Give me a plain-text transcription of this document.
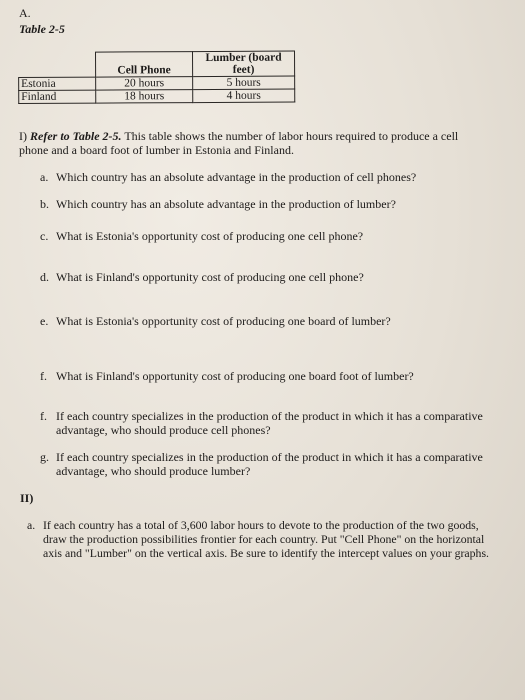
A.
Table 2-5
	Cell Phone	Lumber (board feet)
Estonia	20 hours	5 hours
Finland	18 hours	4 hours
I) Refer to Table 2-5. This table shows the number of labor hours required to produce a cell
phone and a board foot of lumber in Estonia and Finland.
a. Which country has an absolute advantage in the production of cell phones?
b. Which country has an absolute advantage in the production of lumber?
c. What is Estonia's opportunity cost of producing one cell phone?
d. What is Finland's opportunity cost of producing one cell phone?
e. What is Estonia's opportunity cost of producing one board of lumber?
f. What is Finland's opportunity cost of producing one board foot of lumber?
f. If each country specializes in the production of the product in which it has a comparative
advantage, who should produce cell phones?
g. If each country specializes in the production of the product in which it has a comparative
advantage, who should produce lumber?
II)
a. If each country has a total of 3,600 labor hours to devote to the production of the two goods,
draw the production possibilities frontier for each country. Put "Cell Phone" on the horizontal
axis and "Lumber" on the vertical axis. Be sure to identify the intercept values on your graphs.
